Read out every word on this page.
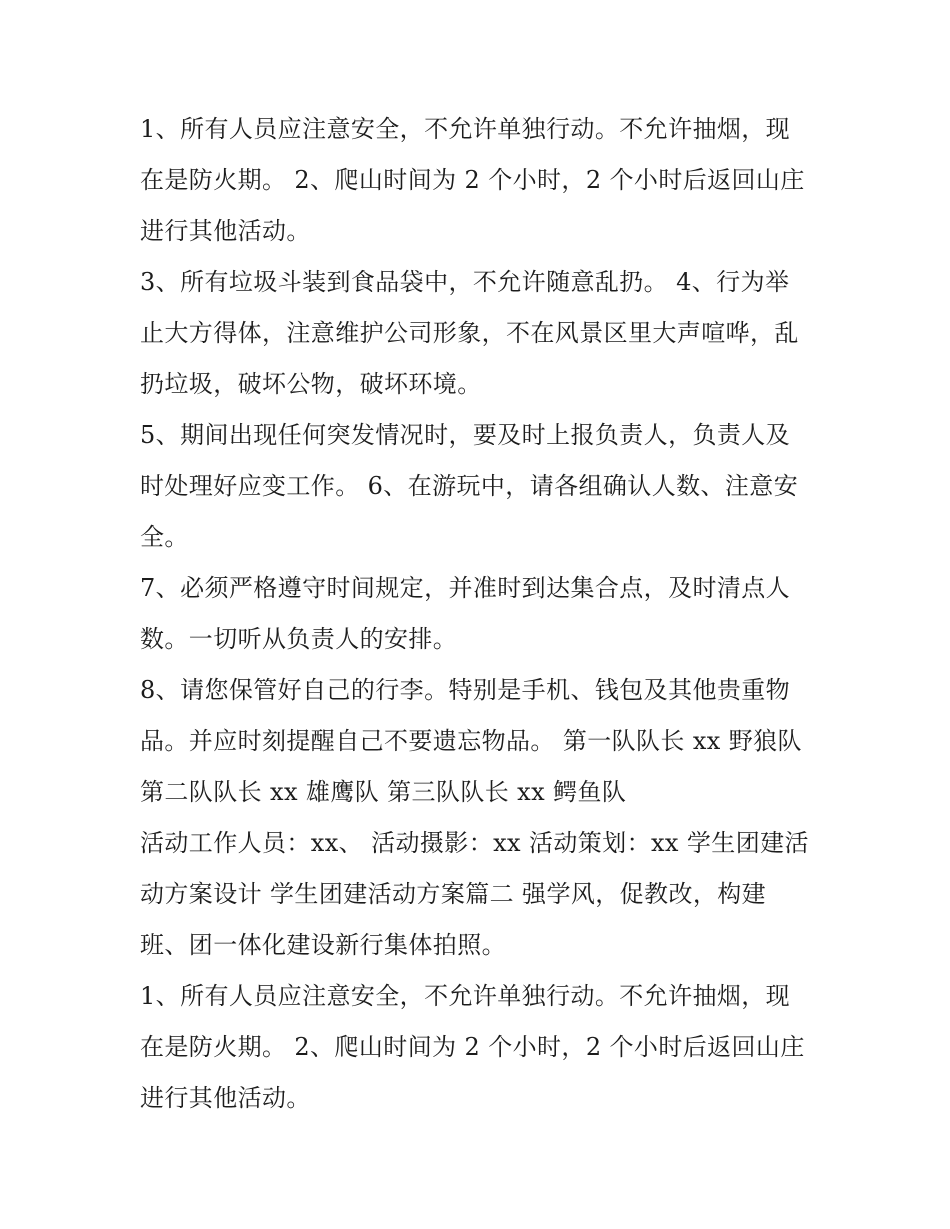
1、所有人员应注意安全，不允许单独行动。不允许抽烟，现
在是防火期。 2、爬山时间为 2 个小时，2 个小时后返回山庄
进行其他活动。
3、所有垃圾斗装到食品袋中，不允许随意乱扔。 4、行为举
止大方得体，注意维护公司形象，不在风景区里大声喧哗，乱
扔垃圾，破坏公物，破坏环境。
5、期间出现任何突发情况时，要及时上报负责人，负责人及
时处理好应变工作。 6、在游玩中，请各组确认人数、注意安
全。
7、必须严格遵守时间规定，并准时到达集合点，及时清点人
数。一切听从负责人的安排。
8、请您保管好自己的行李。特别是手机、钱包及其他贵重物
品。并应时刻提醒自己不要遗忘物品。 第一队队长 xx 野狼队
第二队队长 xx 雄鹰队 第三队队长 xx 鳄鱼队
活动工作人员：xx、 活动摄影：xx 活动策划：xx 学生团建活
动方案设计 学生团建活动方案篇二 强学风，促教改，构建
班、团一体化建设新行集体拍照。
1、所有人员应注意安全，不允许单独行动。不允许抽烟，现
在是防火期。 2、爬山时间为 2 个小时，2 个小时后返回山庄
进行其他活动。
